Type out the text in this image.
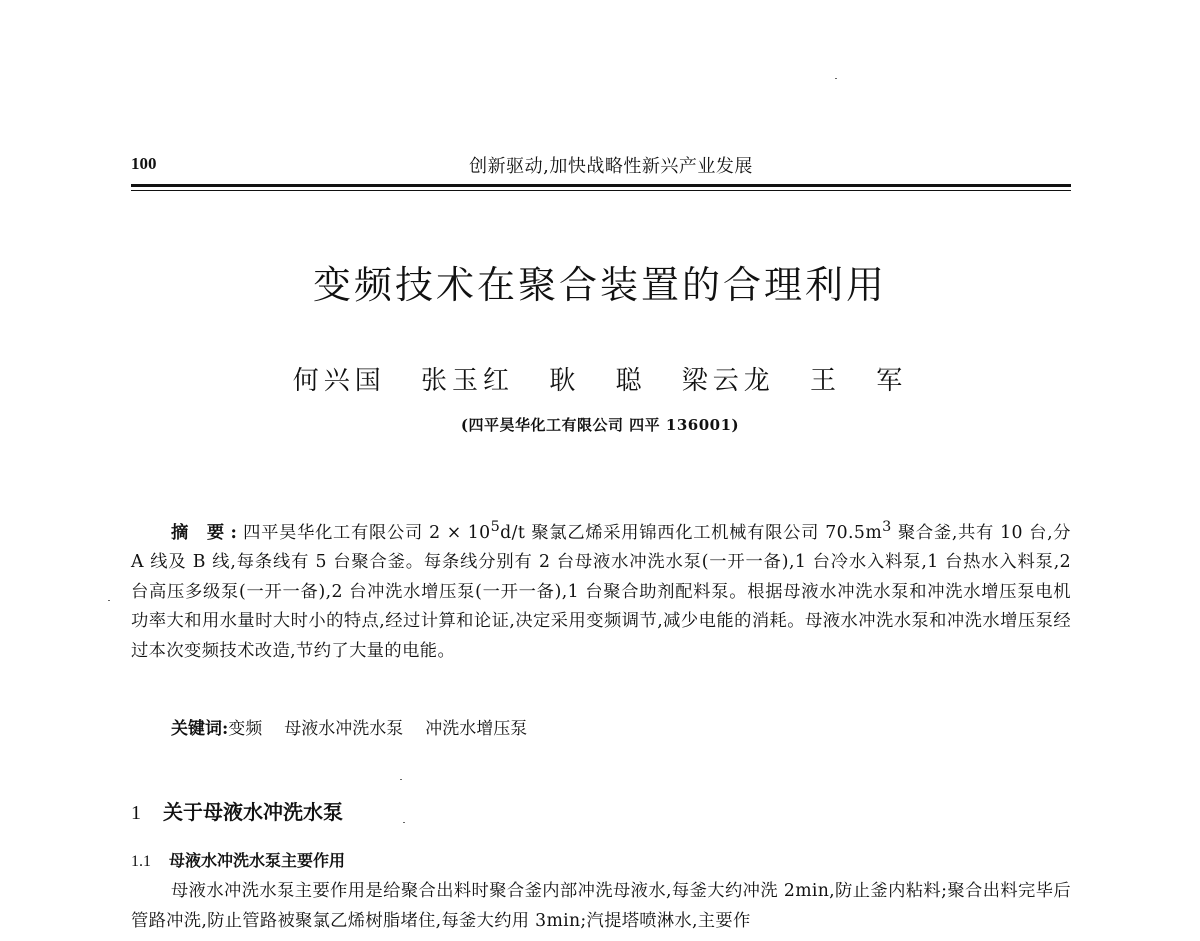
100	创新驱动,加快战略性新兴产业发展
变频技术在聚合装置的合理利用
何兴国 张玉红 耿 聪 梁云龙 王 军
(四平昊华化工有限公司 四平 136001)
摘 要:四平昊华化工有限公司 $2 \times 10^5d/t$ 聚氯乙烯采用锦西化工机械有限公司 $70.5m^3$ 聚合釜,共有 10 台,分 A 线及 B 线,每条线有 5 台聚合釜。每条线分别有 2 台母液水冲洗水泵(一开一备),1 台冷水入料泵,1 台热水入料泵,2 台高压多级泵(一开一备),2 台冲洗水增压泵(一开一备),1 台聚合助剂配料泵。根据母液水冲洗水泵和冲洗水增压泵电机功率大和用水量时大时小的特点,经过计算和论证,决定采用变频调节,减少电能的消耗。母液水冲洗水泵和冲洗水增压泵经过本次变频技术改造,节约了大量的电能。
关键词:变频 母液水冲洗水泵 冲洗水增压泵
1 关于母液水冲洗水泵
1.1 母液水冲洗水泵主要作用
母液水冲洗水泵主要作用是给聚合出料时聚合釜内部冲洗母液水,每釜大约冲洗 2min,防止釜内粘料;聚合出料完毕后管路冲洗,防止管路被聚氯乙烯树脂堵住,每釜大约用 3min;汽提塔喷淋水,主要作
